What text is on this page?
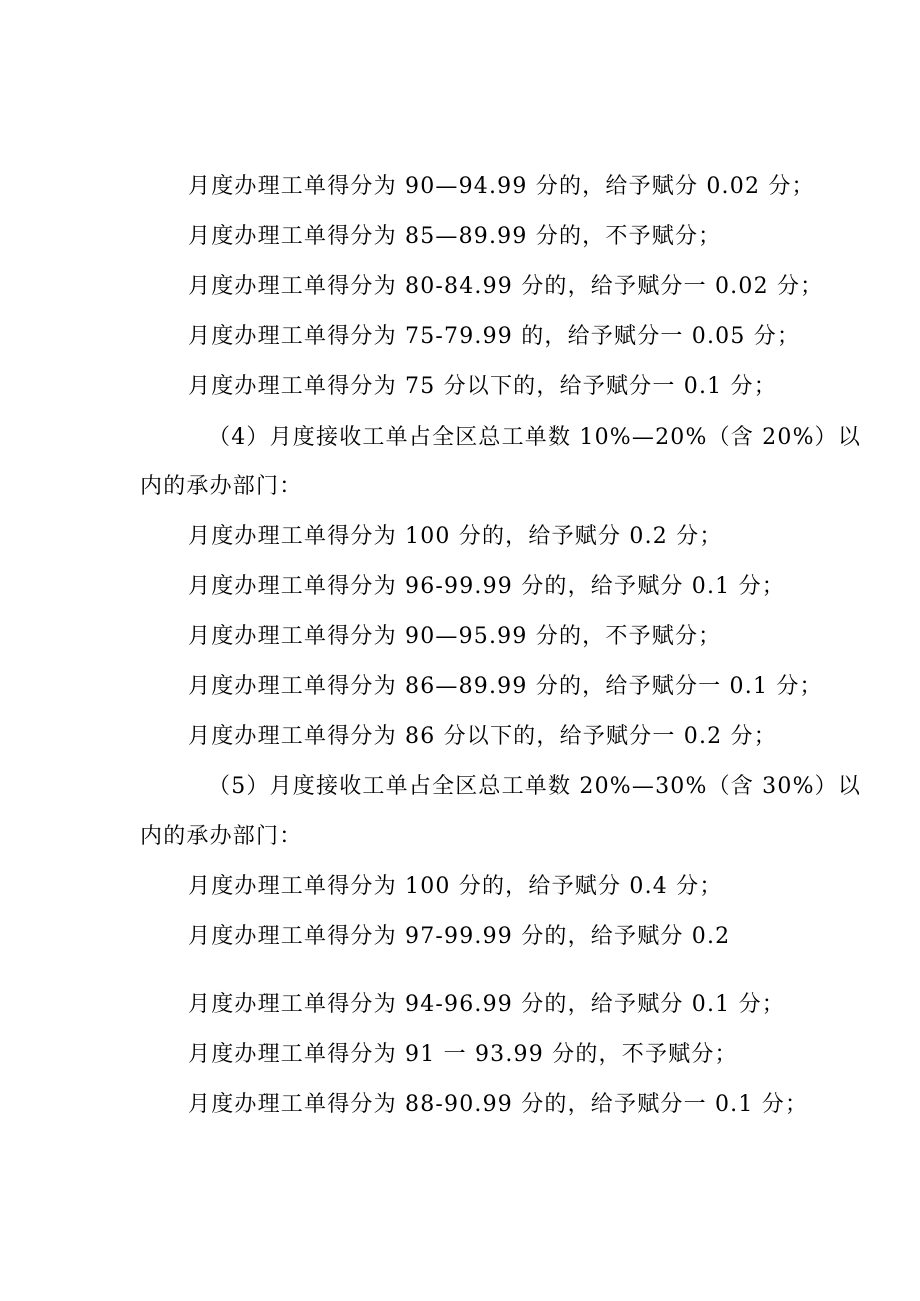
月度办理工单得分为 90—94.99 分的，给予赋分 0.02 分；

月度办理工单得分为 85—89.99 分的，不予赋分；

月度办理工单得分为 80-84.99 分的，给予赋分一 0.02 分；

月度办理工单得分为 75-79.99 的，给予赋分一 0.05 分；

月度办理工单得分为 75 分以下的，给予赋分一 0.1 分；

（4）月度接收工单占全区总工单数 10%—20%（含 20%）以

内的承办部门：

月度办理工单得分为 100 分的，给予赋分 0.2 分；

月度办理工单得分为 96-99.99 分的，给予赋分 0.1 分；

月度办理工单得分为 90—95.99 分的，不予赋分；

月度办理工单得分为 86—89.99 分的，给予赋分一 0.1 分；

月度办理工单得分为 86 分以下的，给予赋分一 0.2 分；

（5）月度接收工单占全区总工单数 20%—30%（含 30%）以

内的承办部门：

月度办理工单得分为 100 分的，给予赋分 0.4 分；

月度办理工单得分为 97-99.99 分的，给予赋分 0.2

月度办理工单得分为 94-96.99 分的，给予赋分 0.1 分；

月度办理工单得分为 91 一 93.99 分的，不予赋分；

月度办理工单得分为 88-90.99 分的，给予赋分一 0.1 分；
